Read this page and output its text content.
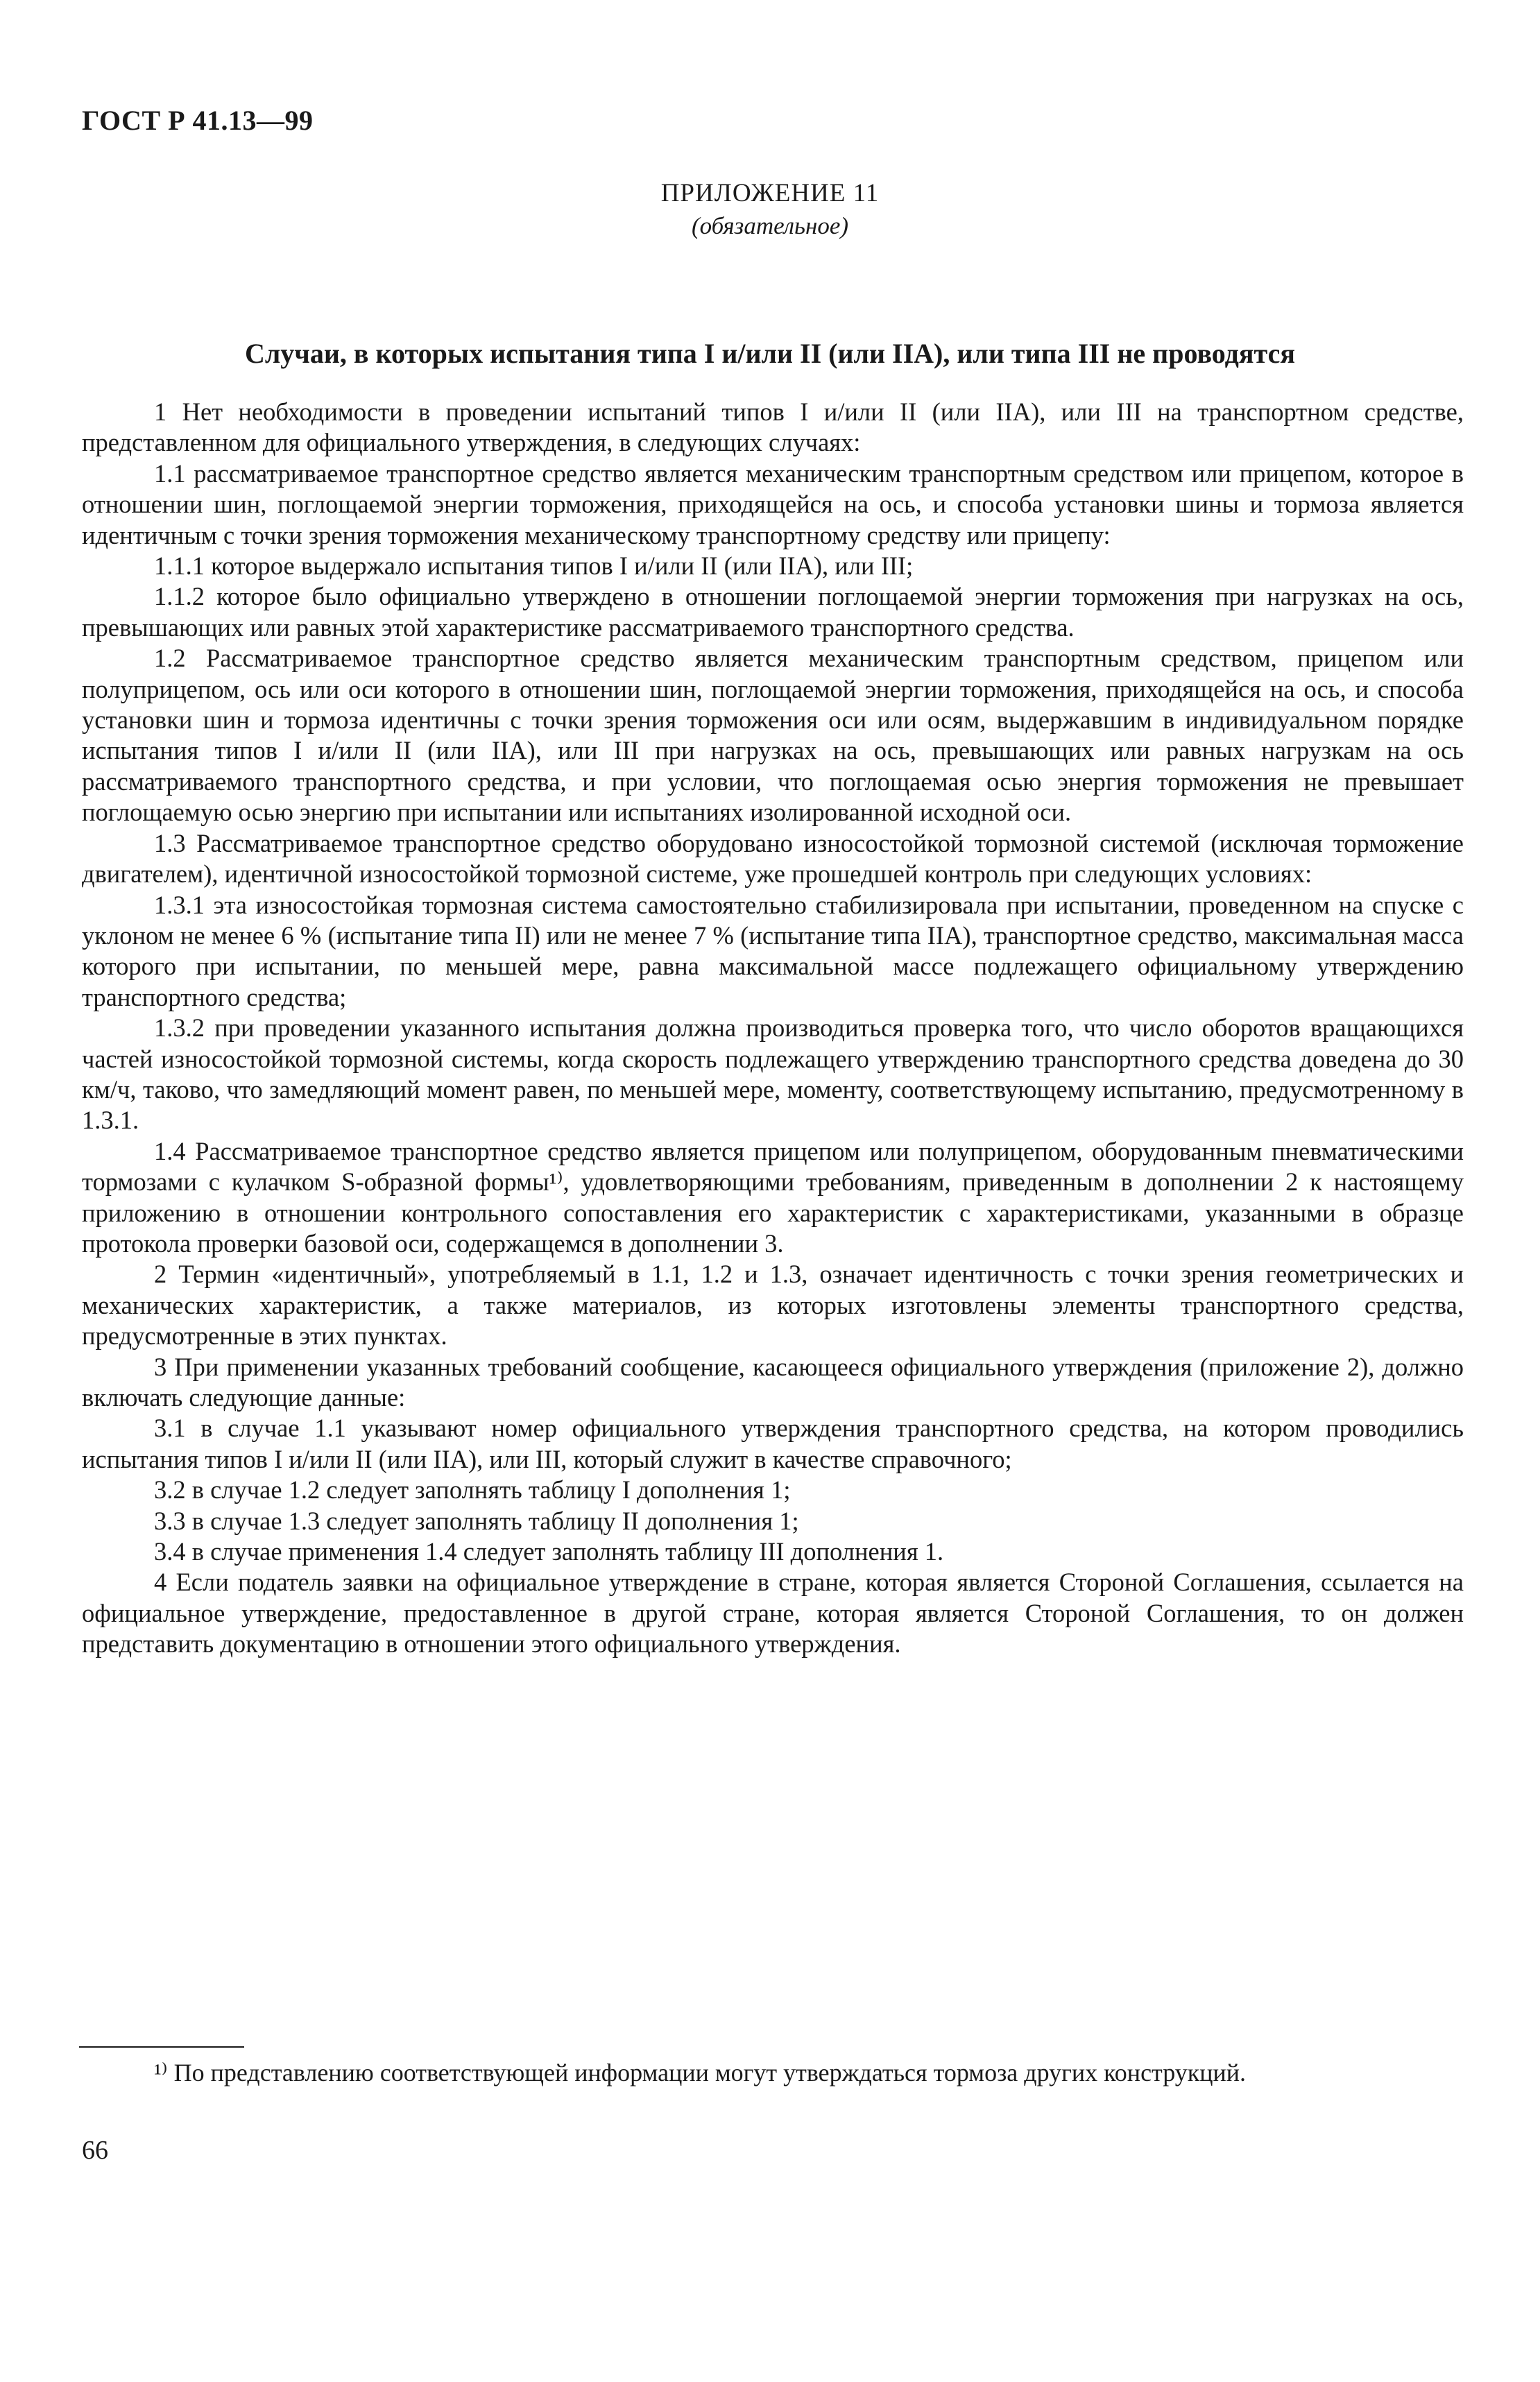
ГОСТ Р 41.13—99
ПРИЛОЖЕНИЕ 11
(обязательное)
Случаи, в которых испытания типа I и/или II (или IIA), или типа III не проводятся

1 Нет необходимости в проведении испытаний типов I и/или II (или IIA), или III на транспортном средстве, представленном для официального утверждения, в следующих случаях:

1.1 рассматриваемое транспортное средство является механическим транспортным средством или прицепом, которое в отношении шин, поглощаемой энергии торможения, приходящейся на ось, и способа установки шины и тормоза является идентичным с точки зрения торможения механическому транспортному средству или прицепу:

1.1.1 которое выдержало испытания типов I и/или II (или IIA), или III;

1.1.2 которое было официально утверждено в отношении поглощаемой энергии торможения при нагрузках на ось, превышающих или равных этой характеристике рассматриваемого транспортного средства.

1.2 Рассматриваемое транспортное средство является механическим транспортным средством, прицепом или полуприцепом, ось или оси которого в отношении шин, поглощаемой энергии торможения, приходящейся на ось, и способа установки шин и тормоза идентичны с точки зрения торможения оси или осям, выдержавшим в индивидуальном порядке испытания типов I и/или II (или IIA), или III при нагрузках на ось, превышающих или равных нагрузкам на ось рассматриваемого транспортного средства, и при условии, что поглощаемая осью энергия торможения не превышает поглощаемую осью энергию при испытании или испытаниях изолированной исходной оси.

1.3 Рассматриваемое транспортное средство оборудовано износостойкой тормозной системой (исключая торможение двигателем), идентичной износостойкой тормозной системе, уже прошедшей контроль при следующих условиях:

1.3.1 эта износостойкая тормозная система самостоятельно стабилизировала при испытании, проведенном на спуске с уклоном не менее 6 % (испытание типа II) или не менее 7 % (испытание типа IIA), транспортное средство, максимальная масса которого при испытании, по меньшей мере, равна максимальной массе подлежащего официальному утверждению транспортного средства;

1.3.2 при проведении указанного испытания должна производиться проверка того, что число оборотов вращающихся частей износостойкой тормозной системы, когда скорость подлежащего утверждению транспортного средства доведена до 30 км/ч, таково, что замедляющий момент равен, по меньшей мере, моменту, соответствующему испытанию, предусмотренному в 1.3.1.

1.4 Рассматриваемое транспортное средство является прицепом или полуприцепом, оборудованным пневматическими тормозами с кулачком S-образной формы¹⁾, удовлетворяющими требованиям, приведенным в дополнении 2 к настоящему приложению в отношении контрольного сопоставления его характеристик с характеристиками, указанными в образце протокола проверки базовой оси, содержащемся в дополнении 3.

2 Термин «идентичный», употребляемый в 1.1, 1.2 и 1.3, означает идентичность с точки зрения геометрических и механических характеристик, а также материалов, из которых изготовлены элементы транспортного средства, предусмотренные в этих пунктах.

3 При применении указанных требований сообщение, касающееся официального утверждения (приложение 2), должно включать следующие данные:

3.1 в случае 1.1 указывают номер официального утверждения транспортного средства, на котором проводились испытания типов I и/или II (или IIA), или III, который служит в качестве справочного;

3.2 в случае 1.2 следует заполнять таблицу I дополнения 1;

3.3 в случае 1.3 следует заполнять таблицу II дополнения 1;

3.4 в случае применения 1.4 следует заполнять таблицу III дополнения 1.

4 Если податель заявки на официальное утверждение в стране, которая является Стороной Соглашения, ссылается на официальное утверждение, предоставленное в другой стране, которая является Стороной Соглашения, то он должен представить документацию в отношении этого официального утверждения.

¹⁾ По представлению соответствующей информации могут утверждаться тормоза других конструкций.
66
